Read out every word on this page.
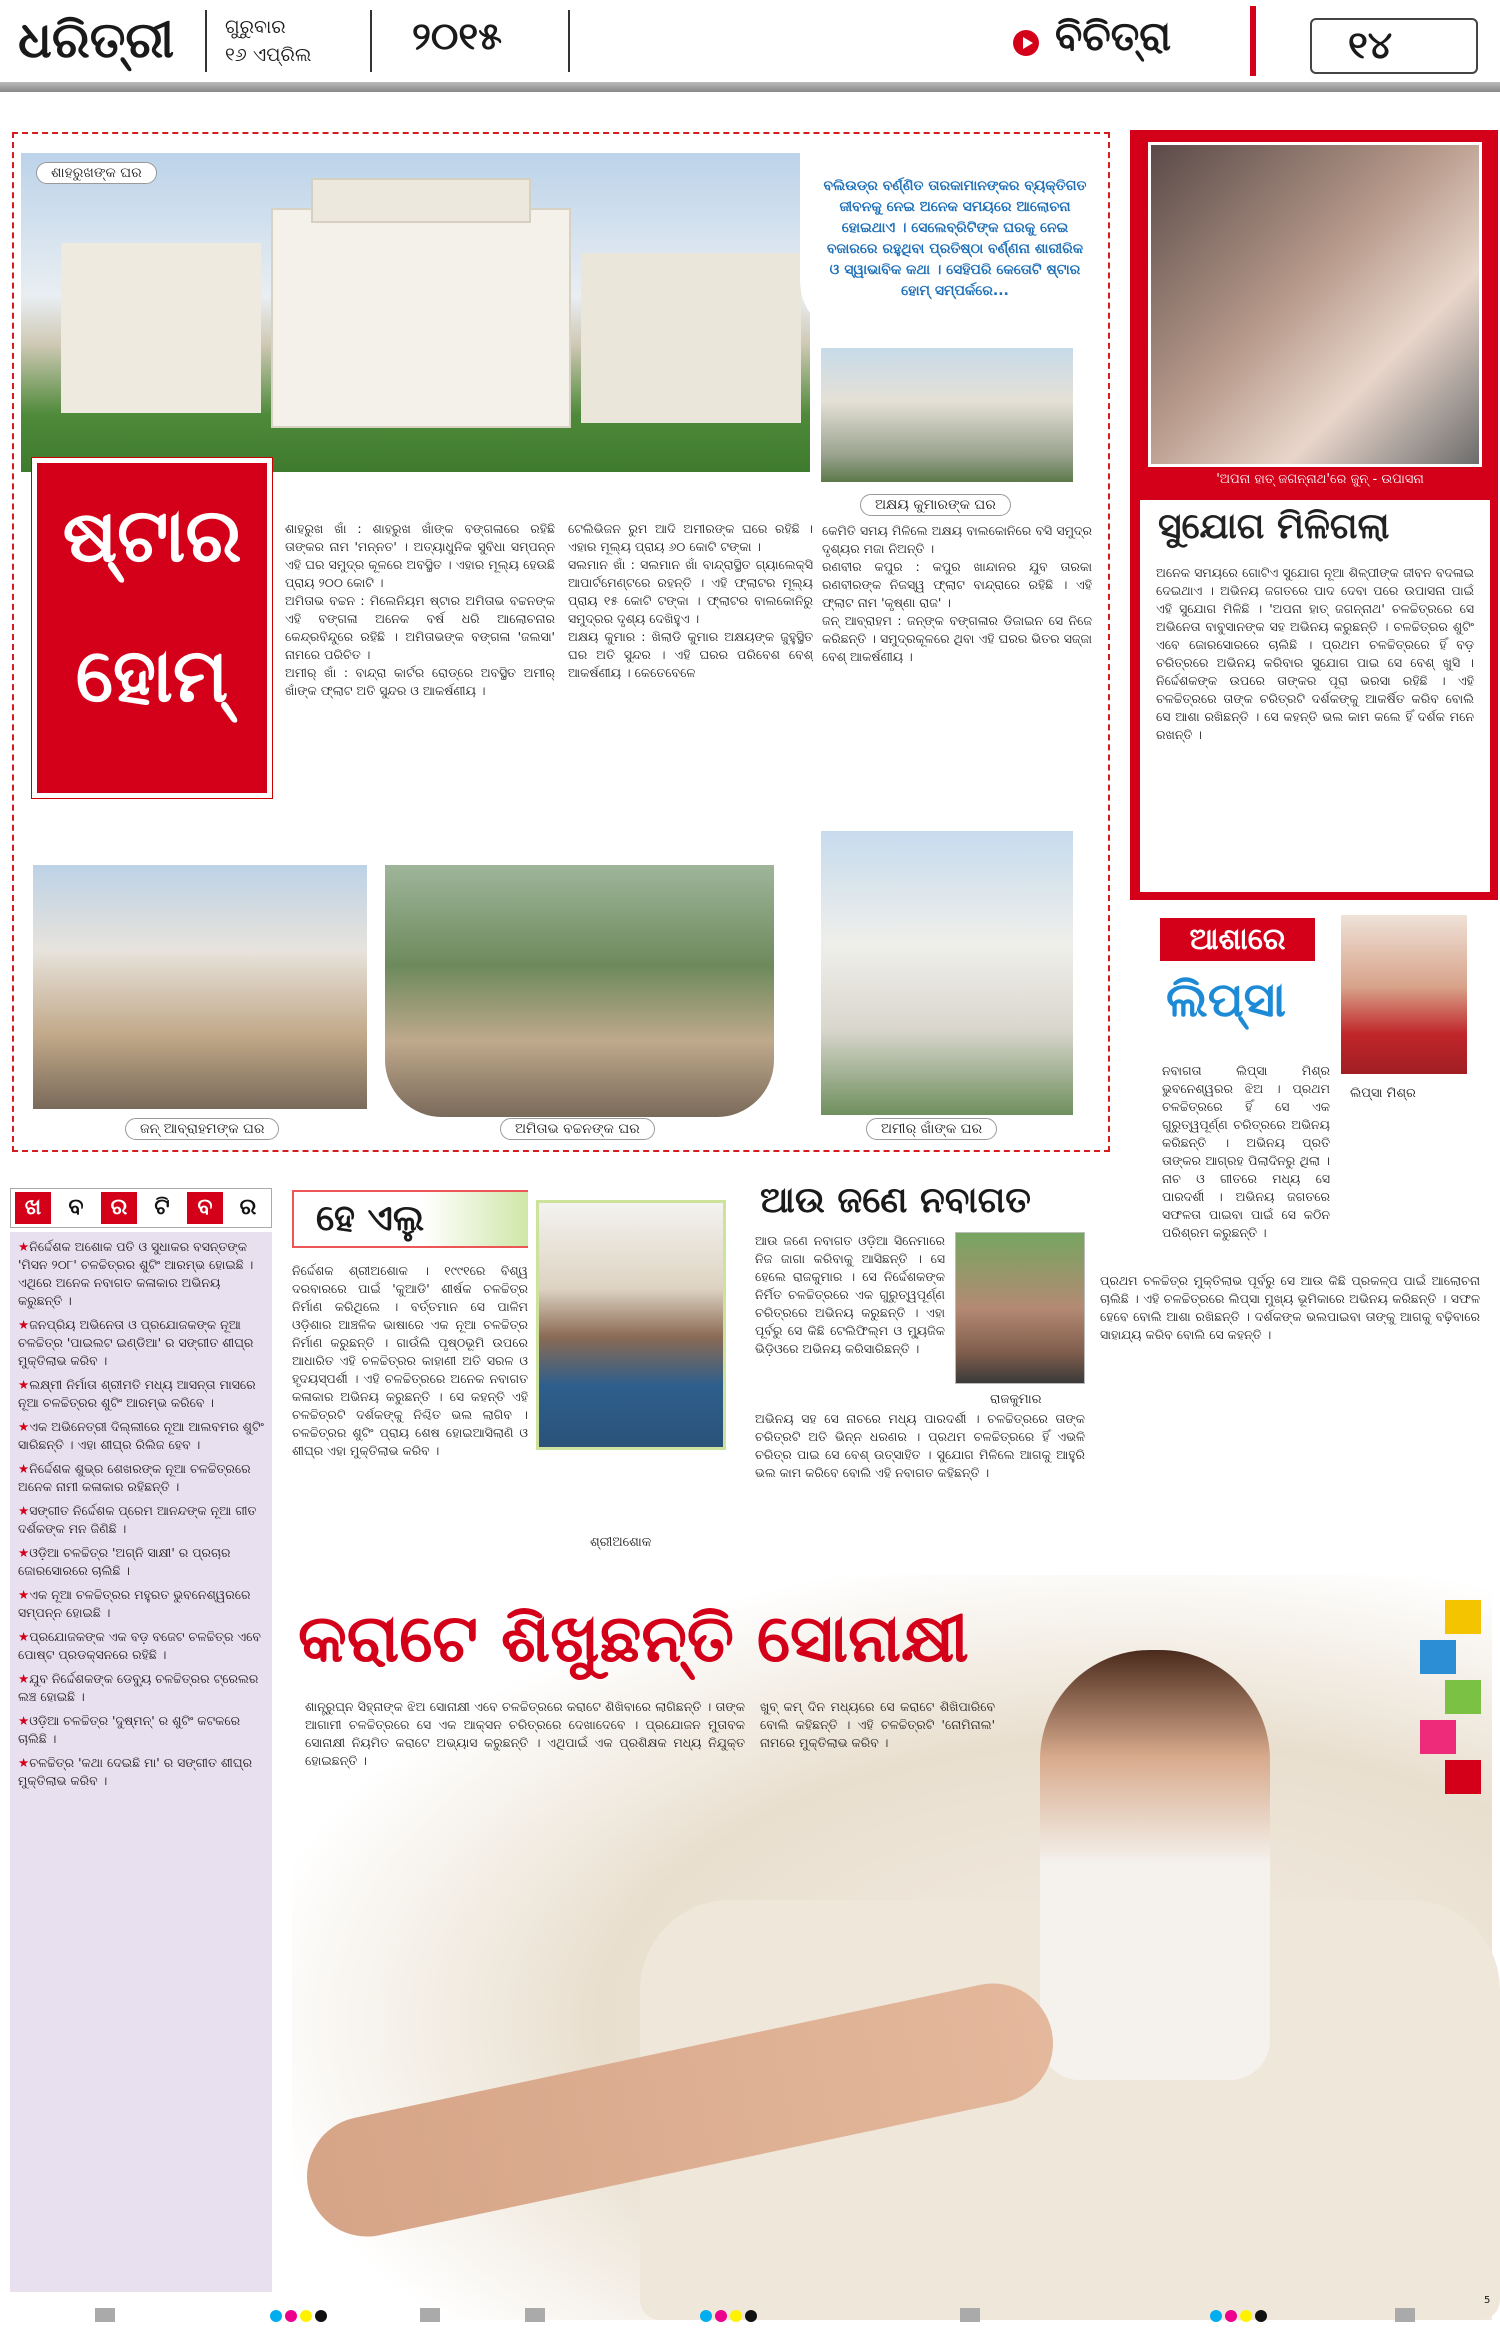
ଧରିତ୍ରୀ	ଗୁରୁବାର
୧୬ ଏପ୍ରିଲ	୨୦୧୫	ବିଚିତ୍ରା	୧୪
ଶାହରୁଖଙ୍କ ଘର

ବଲିଉଡ୍‌ର ବର୍ଣ୍ଣିତ ତାରକାମାନଙ୍କର ବ୍ୟକ୍ତିଗତ ଜୀବନକୁ ନେଇ ଅନେକ ସମୟରେ ଆଲୋଚନା ହୋଇଥାଏ । ସେଲେବ୍ରିଟିଙ୍କ ଘରକୁ ନେଇ ବଜାରରେ ରହୁଥିବା ପ୍ରତିଷ୍ଠା ବର୍ଣ୍ଣନା ଶାରୀରିକ ଓ ସ୍ୱାଭାବିକ କଥା । ସେହିପରି କେତୋଟି ଷ୍ଟାର ହୋମ୍ ସମ୍ପର୍କରେ...

ଅକ୍ଷୟ କୁମାରଙ୍କ ଘର
ଷ୍ଟାର
ହୋମ୍

ଶାହରୁଖ ଖାଁ : ଶାହରୁଖ ଖାଁଙ୍କ ବଙ୍ଗଳାରେ ରହିଛି ତାଙ୍କର ନାମ 'ମନ୍ନତ' । ଅତ୍ୟାଧୁନିକ ସୁବିଧା ସମ୍ପନ୍ନ ଏହି ଘର ସମୁଦ୍ର କୂଳରେ ଅବସ୍ଥିତ । ଏହାର ମୂଲ୍ୟ ହେଉଛି ପ୍ରାୟ ୨୦୦ କୋଟି ।
ଅମିତାଭ ବଚ୍ଚନ : ମିଲେନିୟମ ଷ୍ଟାର ଅମିତାଭ ବଚ୍ଚନଙ୍କ ଏହି ବଙ୍ଗଳା ଅନେକ ବର୍ଷ ଧରି ଆଲୋଚନାର କେନ୍ଦ୍ରବିନ୍ଦୁରେ ରହିଛି । ଅମିତାଭଙ୍କ ବଙ୍ଗଳା 'ଜଲସା' ନାମରେ ପରିଚିତ ।
ଅମୀର୍ ଖାଁ : ବାନ୍ଦ୍ରା କାର୍ଟର ରୋଡ୍‌ରେ ଅବସ୍ଥିତ ଅମୀର୍ ଖାଁଙ୍କ ଫ୍ଲାଟ ଅତି ସୁନ୍ଦର ଓ ଆକର୍ଷଣୀୟ ।

ଟେଲିଭିଜନ ରୁମ ଆଦି ଅମୀରଙ୍କ ଘରେ ରହିଛି । ଏହାର ମୂଲ୍ୟ ପ୍ରାୟ ୬୦ କୋଟି ଟଙ୍କା ।
ସଲମାନ ଖାଁ : ସଲମାନ ଖାଁ ବାନ୍ଦ୍ରାସ୍ଥିତ ଗ୍ୟାଲେକ୍ସି ଆପାର୍ଟମେଣ୍ଟରେ ରହନ୍ତି । ଏହି ଫ୍ଲାଟର ମୂଲ୍ୟ ପ୍ରାୟ ୧୫ କୋଟି ଟଙ୍କା । ଫ୍ଲାଟର ବାଲକୋନିରୁ ସମୁଦ୍ରର ଦୃଶ୍ୟ ଦେଖିହୁଏ ।
ଅକ୍ଷୟ କୁମାର : ଖିଲାଡି କୁମାର ଅକ୍ଷୟଙ୍କ ଜୁହୁସ୍ଥିତ ଘର ଅତି ସୁନ୍ଦର । ଏହି ଘରର ପରିବେଶ ବେଶ୍ ଆକର୍ଷଣୀୟ । କେତେବେଳେ

କେମିତି ସମୟ ମିଳିଲେ ଅକ୍ଷୟ ବାଲକୋନିରେ ବସି ସମୁଦ୍ର ଦୃଶ୍ୟର ମଜା ନିଅନ୍ତି ।
ରଣବୀର କପୁର : କପୁର ଖାନ୍ଦାନର ଯୁବ ତାରକା ରଣବୀରଙ୍କ ନିଜସ୍ୱ ଫ୍ଲାଟ ବାନ୍ଦ୍ରାରେ ରହିଛି । ଏହି ଫ୍ଲାଟ ନାମ 'କୃଷ୍ଣା ରାଜ' ।
ଜନ୍ ଆବ୍ରାହମ : ଜନ୍‌ଙ୍କ ବଙ୍ଗଳାର ଡିଜାଇନ ସେ ନିଜେ କରିଛନ୍ତି । ସମୁଦ୍ରକୂଳରେ ଥିବା ଏହି ଘରର ଭିତର ସଜ୍ଜା ବେଶ୍ ଆକର୍ଷଣୀୟ ।

ଜନ୍ ଆବ୍ରାହମଙ୍କ ଘର	ଅମିତାଭ ବଚ୍ଚନଙ୍କ ଘର	ଅମୀର୍ ଖାଁଙ୍କ ଘର
'ଅପନା ହାତ୍ ଜଗନ୍ନାଥ'ରେ ଜୁନ୍ - ଉପାସନା
ସୁଯୋଗ ମିଳିଗଲା

ଅନେକ ସମୟରେ ଗୋଟିଏ ସୁଯୋଗ ନୂଆ ଶିଳ୍ପୀଙ୍କ ଜୀବନ ବଦଳାଇ ଦେଇଥାଏ । ଅଭିନୟ ଜଗତରେ ପାଦ ଦେବା ପରେ ଉପାସନା ପାଇଁ ଏହି ସୁଯୋଗ ମିଳିଛି । 'ଅପନା ହାତ୍ ଜଗନ୍ନାଥ' ଚଳଚ୍ଚିତ୍ରରେ ସେ ଅଭିନେତା ବାବୁସାନଙ୍କ ସହ ଅଭିନୟ କରୁଛନ୍ତି । ଚଳଚ୍ଚିତ୍ରର ଶୁଟିଂ ଏବେ ଜୋରସୋରରେ ଚାଲିଛି । ପ୍ରଥମ ଚଳଚ୍ଚିତ୍ରରେ ହିଁ ବଡ଼ ଚରିତ୍ରରେ ଅଭିନୟ କରିବାର ସୁଯୋଗ ପାଇ ସେ ବେଶ୍ ଖୁସି । ନିର୍ଦ୍ଦେଶକଙ୍କ ଉପରେ ତାଙ୍କର ପୂରା ଭରସା ରହିଛି । ଏହି ଚଳଚ୍ଚିତ୍ରରେ ତାଙ୍କ ଚରିତ୍ରଟି ଦର୍ଶକଙ୍କୁ ଆକର୍ଷିତ କରିବ ବୋଲି ସେ ଆଶା ରଖିଛନ୍ତି । ସେ କହନ୍ତି ଭଲ କାମ କଲେ ହିଁ ଦର୍ଶକ ମନେ ରଖନ୍ତି ।

ଆଶାରେ
ଲିପ୍ସା
ଲିପ୍ସା ମିଶ୍ର

ନବାଗତା ଲିପ୍ସା ମିଶ୍ର ଭୁବନେଶ୍ୱରର ଝିଅ । ପ୍ରଥମ ଚଳଚ୍ଚିତ୍ରରେ ହିଁ ସେ ଏକ ଗୁରୁତ୍ୱପୂର୍ଣ୍ଣ ଚରିତ୍ରରେ ଅଭିନୟ କରିଛନ୍ତି । ଅଭିନୟ ପ୍ରତି ତାଙ୍କର ଆଗ୍ରହ ପିଲାଦିନରୁ ଥିଲା । ନାଚ ଓ ଗୀତରେ ମଧ୍ୟ ସେ ପାରଦର୍ଶୀ । ଅଭିନୟ ଜଗତରେ ସଫଳତା ପାଇବା ପାଇଁ ସେ କଠିନ ପରିଶ୍ରମ କରୁଛନ୍ତି ।

ଖ	ବ	ର	ଟି	ବ	ର
★ନିର୍ଦ୍ଦେଶକ ଅଶୋକ ପତି ଓ ସୁଧାକର ବସନ୍ତଙ୍କ 'ମିସନ ୨୦୮' ଚଳଚ୍ଚିତ୍ରର ଶୁଟିଂ ଆରମ୍ଭ ହୋଇଛି । ଏଥିରେ ଅନେକ ନବାଗତ କଳାକାର ଅଭିନୟ କରୁଛନ୍ତି ।
★ଜନପ୍ରିୟ ଅଭିନେତା ଓ ପ୍ରଯୋଜକଙ୍କ ନୂଆ ଚଳଚ୍ଚିତ୍ର 'ପାଇଲଟ ଇଣ୍ଡିଆ' ର ସଙ୍ଗୀତ ଶୀଘ୍ର ମୁକ୍ତିଲାଭ କରିବ ।
★ଲକ୍ଷ୍ମୀ ନିର୍ମାତା ଶ୍ରୀମତି ମଧ୍ୟ ଆସନ୍ତା ମାସରେ ନୂଆ ଚଳଚ୍ଚିତ୍ରର ଶୁଟିଂ ଆରମ୍ଭ କରିବେ ।
★ଏକ ଅଭିନେତ୍ରୀ ଦିଲ୍ଲୀରେ ନୂଆ ଆଲବମର ଶୁଟିଂ ସାରିଛନ୍ତି । ଏହା ଶୀଘ୍ର ରିଲିଜ ହେବ ।
★ନିର୍ଦ୍ଦେଶକ ଶୁଭ୍ର ଶେଖରଙ୍କ ନୂଆ ଚଳଚ୍ଚିତ୍ରରେ ଅନେକ ନାମୀ କଳାକାର ରହିଛନ୍ତି ।
★ସଙ୍ଗୀତ ନିର୍ଦ୍ଦେଶକ ପ୍ରେମ ଆନନ୍ଦଙ୍କ ନୂଆ ଗୀତ ଦର୍ଶକଙ୍କ ମନ ଜିଣିଛି ।
★ଓଡ଼ିଆ ଚଳଚ୍ଚିତ୍ର 'ଅଗ୍ନି ସାକ୍ଷୀ' ର ପ୍ରଚାର ଜୋରସୋରରେ ଚାଲିଛି ।
★ଏକ ନୂଆ ଚଳଚ୍ଚିତ୍ରର ମହୁରତ ଭୁବନେଶ୍ୱରରେ ସମ୍ପନ୍ନ ହୋଇଛି ।
★ପ୍ରଯୋଜକଙ୍କ ଏକ ବଡ଼ ବଜେଟ ଚଳଚ୍ଚିତ୍ର ଏବେ ପୋଷ୍ଟ ପ୍ରଡକ୍ସନରେ ରହିଛି ।
★ଯୁବ ନିର୍ଦ୍ଦେଶକଙ୍କ ଡେବ୍ୟୁ ଚଳଚ୍ଚିତ୍ରର ଟ୍ରେଲର ଲଞ୍ଚ ହୋଇଛି ।
★ଓଡ଼ିଆ ଚଳଚ୍ଚିତ୍ର 'ଦୁଷ୍ମନ୍' ର ଶୁଟିଂ କଟକରେ ଚାଲିଛି ।
★ଚଳଚ୍ଚିତ୍ର 'କଥା ଦେଇଛି ମା' ର ସଙ୍ଗୀତ ଶୀଘ୍ର ମୁକ୍ତିଲାଭ କରିବ ।
ହେ ଏଲୁ
ଶ୍ରୀଅଶୋକ

ନିର୍ଦ୍ଦେଶକ ଶ୍ରୀଅଶୋକ । ୧୯୯୧ରେ ବିଶ୍ୱ ଦରବାରରେ ପାଇଁ 'କୁଆଡି' ଶୀର୍ଷକ ଚଳଚ୍ଚିତ୍ର ନିର୍ମାଣ କରିଥିଲେ । ବର୍ତ୍ତମାନ ସେ ପାଳିମ ଓଡ଼ିଶାର ଆଞ୍ଚଳିକ ଭାଷାରେ ଏକ ନୂଆ ଚଳଚ୍ଚିତ୍ର ନିର୍ମାଣ କରୁଛନ୍ତି । ଗାଉଁଲି ପୃଷ୍ଠଭୂମି ଉପରେ ଆଧାରିତ ଏହି ଚଳଚ୍ଚିତ୍ରର କାହାଣୀ ଅତି ସରଳ ଓ ହୃଦୟସ୍ପର୍ଶୀ । ଏହି ଚଳଚ୍ଚିତ୍ରରେ ଅନେକ ନବାଗତ କଳାକାର ଅଭିନୟ କରୁଛନ୍ତି । ସେ କହନ୍ତି ଏହି ଚଳଚ୍ଚିତ୍ରଟି ଦର୍ଶକଙ୍କୁ ନିଶ୍ଚିତ ଭଲ ଲାଗିବ । ଚଳଚ୍ଚିତ୍ରର ଶୁଟିଂ ପ୍ରାୟ ଶେଷ ହୋଇଆସିଲାଣି ଓ ଶୀଘ୍ର ଏହା ମୁକ୍ତିଲାଭ କରିବ ।

ଆଉ ଜଣେ ନବାଗତ
ରାଜକୁମାର

ଆଉ ଜଣେ ନବାଗତ ଓଡ଼ିଆ ସିନେମାରେ ନିଜ ଜାଗା କରିବାକୁ ଆସିଛନ୍ତି । ସେ ହେଲେ ରାଜକୁମାର । ସେ ନିର୍ଦ୍ଦେଶକଙ୍କ ନିର୍ମିତ ଚଳଚ୍ଚିତ୍ରରେ ଏକ ଗୁରୁତ୍ୱପୂର୍ଣ୍ଣ ଚରିତ୍ରରେ ଅଭିନୟ କରୁଛନ୍ତି । ଏହା ପୂର୍ବରୁ ସେ କିଛି ଟେଲିଫିଲ୍ମ ଓ ମ୍ୟୁଜିକ ଭିଡ଼ିଓରେ ଅଭିନୟ କରିସାରିଛନ୍ତି ।

ଅଭିନୟ ସହ ସେ ନାଚରେ ମଧ୍ୟ ପାରଦର୍ଶୀ । ଚଳଚ୍ଚିତ୍ରରେ ତାଙ୍କ ଚରିତ୍ରଟି ଅତି ଭିନ୍ନ ଧରଣର । ପ୍ରଥମ ଚଳଚ୍ଚିତ୍ରରେ ହିଁ ଏଭଳି ଚରିତ୍ର ପାଇ ସେ ବେଶ୍ ଉତ୍ସାହିତ । ସୁଯୋଗ ମିଳିଲେ ଆଗକୁ ଆହୁରି ଭଲ କାମ କରିବେ ବୋଲି ଏହି ନବାଗତ କହିଛନ୍ତି ।

ପ୍ରଥମ ଚଳଚ୍ଚିତ୍ର ମୁକ୍ତିଲାଭ ପୂର୍ବରୁ ସେ ଆଉ କିଛି ପ୍ରକଳ୍ପ ପାଇଁ ଆଲୋଚନା ଚାଲିଛି । ଏହି ଚଳଚ୍ଚିତ୍ରରେ ଲିପ୍ସା ମୁଖ୍ୟ ଭୂମିକାରେ ଅଭିନୟ କରିଛନ୍ତି । ସଫଳ ହେବେ ବୋଲି ଆଶା ରଖିଛନ୍ତି । ଦର୍ଶକଙ୍କ ଭଲପାଇବା ତାଙ୍କୁ ଆଗକୁ ବଢ଼ିବାରେ ସାହାଯ୍ୟ କରିବ ବୋଲି ସେ କହନ୍ତି ।

କରାଟେ ଶିଖୁଛନ୍ତି ସୋନାକ୍ଷୀ

ଶାନ୍ତ୍ରୁଘ୍ନ ସିହ୍ନାଙ୍କ ଝିଅ ସୋନାକ୍ଷୀ ଏବେ ଚଳଚ୍ଚିତ୍ରରେ କରାଟେ ଶିଖିବାରେ ଲାଗିଛନ୍ତି । ତାଙ୍କ ଆଗାମୀ ଚଳଚ୍ଚିତ୍ରରେ ସେ ଏକ ଆକ୍ସନ ଚରିତ୍ରରେ ଦେଖାଦେବେ । ପ୍ରଯୋଜନ ମୁତାବକ ସୋନାକ୍ଷୀ ନିୟମିତ କରାଟେ ଅଭ୍ୟାସ କରୁଛନ୍ତି । ଏଥିପାଇଁ ଏକ ପ୍ରଶିକ୍ଷକ ମଧ୍ୟ ନିଯୁକ୍ତ ହୋଇଛନ୍ତି ।

ଖୁବ୍ କମ୍ ଦିନ ମଧ୍ୟରେ ସେ କରାଟେ ଶିଖିପାରିବେ ବୋଲି କହିଛନ୍ତି । ଏହି ଚଳଚ୍ଚିତ୍ରଟି 'ନୋମିନାଲ' ନାମରେ ମୁକ୍ତିଲାଭ କରିବ ।

5
